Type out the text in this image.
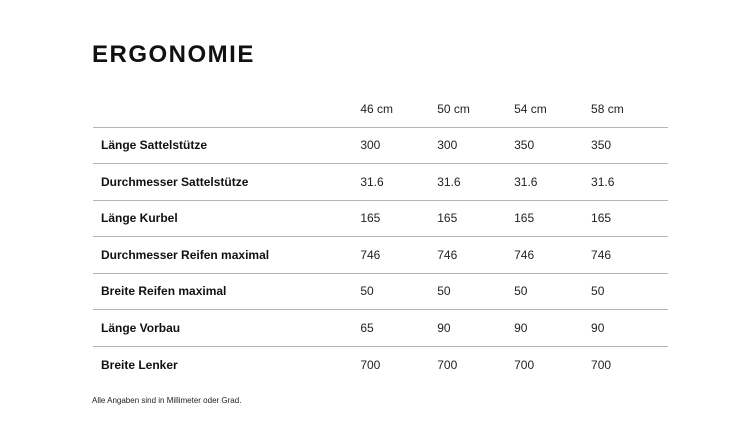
ERGONOMIE
	46 cm	50 cm	54 cm	58 cm
Länge Sattelstütze	300	300	350	350
Durchmesser Sattelstütze	31.6	31.6	31.6	31.6
Länge Kurbel	165	165	165	165
Durchmesser Reifen maximal	746	746	746	746
Breite Reifen maximal	50	50	50	50
Länge Vorbau	65	90	90	90
Breite Lenker	700	700	700	700

Alle Angaben sind in Millimeter oder Grad.
